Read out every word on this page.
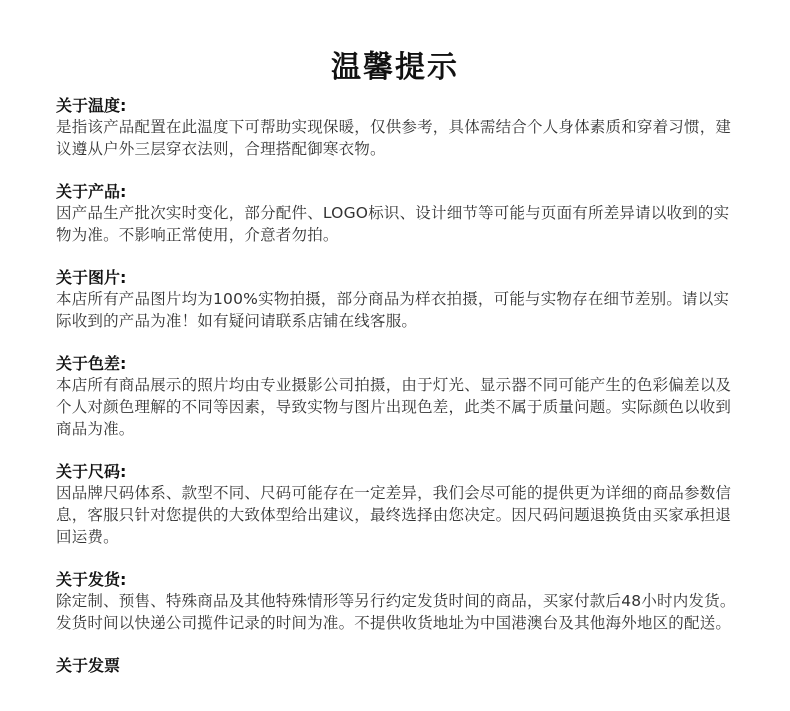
温馨提示

关于温度:

是指该产品配置在此温度下可帮助实现保暖，仅供参考，具体需结合个人身体素质和穿着习惯，建议遵从户外三层穿衣法则，合理搭配御寒衣物。

关于产品:

因产品生产批次实时变化，部分配件、LOGO标识、设计细节等可能与页面有所差异请以收到的实物为准。不影响正常使用，介意者勿拍。

关于图片:

本店所有产品图片均为100%实物拍摄，部分商品为样衣拍摄，可能与实物存在细节差别。请以实际收到的产品为准！如有疑问请联系店铺在线客服。

关于色差:

本店所有商品展示的照片均由专业摄影公司拍摄，由于灯光、显示器不同可能产生的色彩偏差以及个人对颜色理解的不同等因素，导致实物与图片出现色差，此类不属于质量问题。实际颜色以收到商品为准。

关于尺码:

因品牌尺码体系、款型不同、尺码可能存在一定差异，我们会尽可能的提供更为详细的商品参数信息，客服只针对您提供的大致体型给出建议，最终选择由您决定。因尺码问题退换货由买家承担退回运费。

关于发货:

除定制、预售、特殊商品及其他特殊情形等另行约定发货时间的商品，买家付款后48小时内发货。发货时间以快递公司揽件记录的时间为准。不提供收货地址为中国港澳台及其他海外地区的配送。

关于发票
